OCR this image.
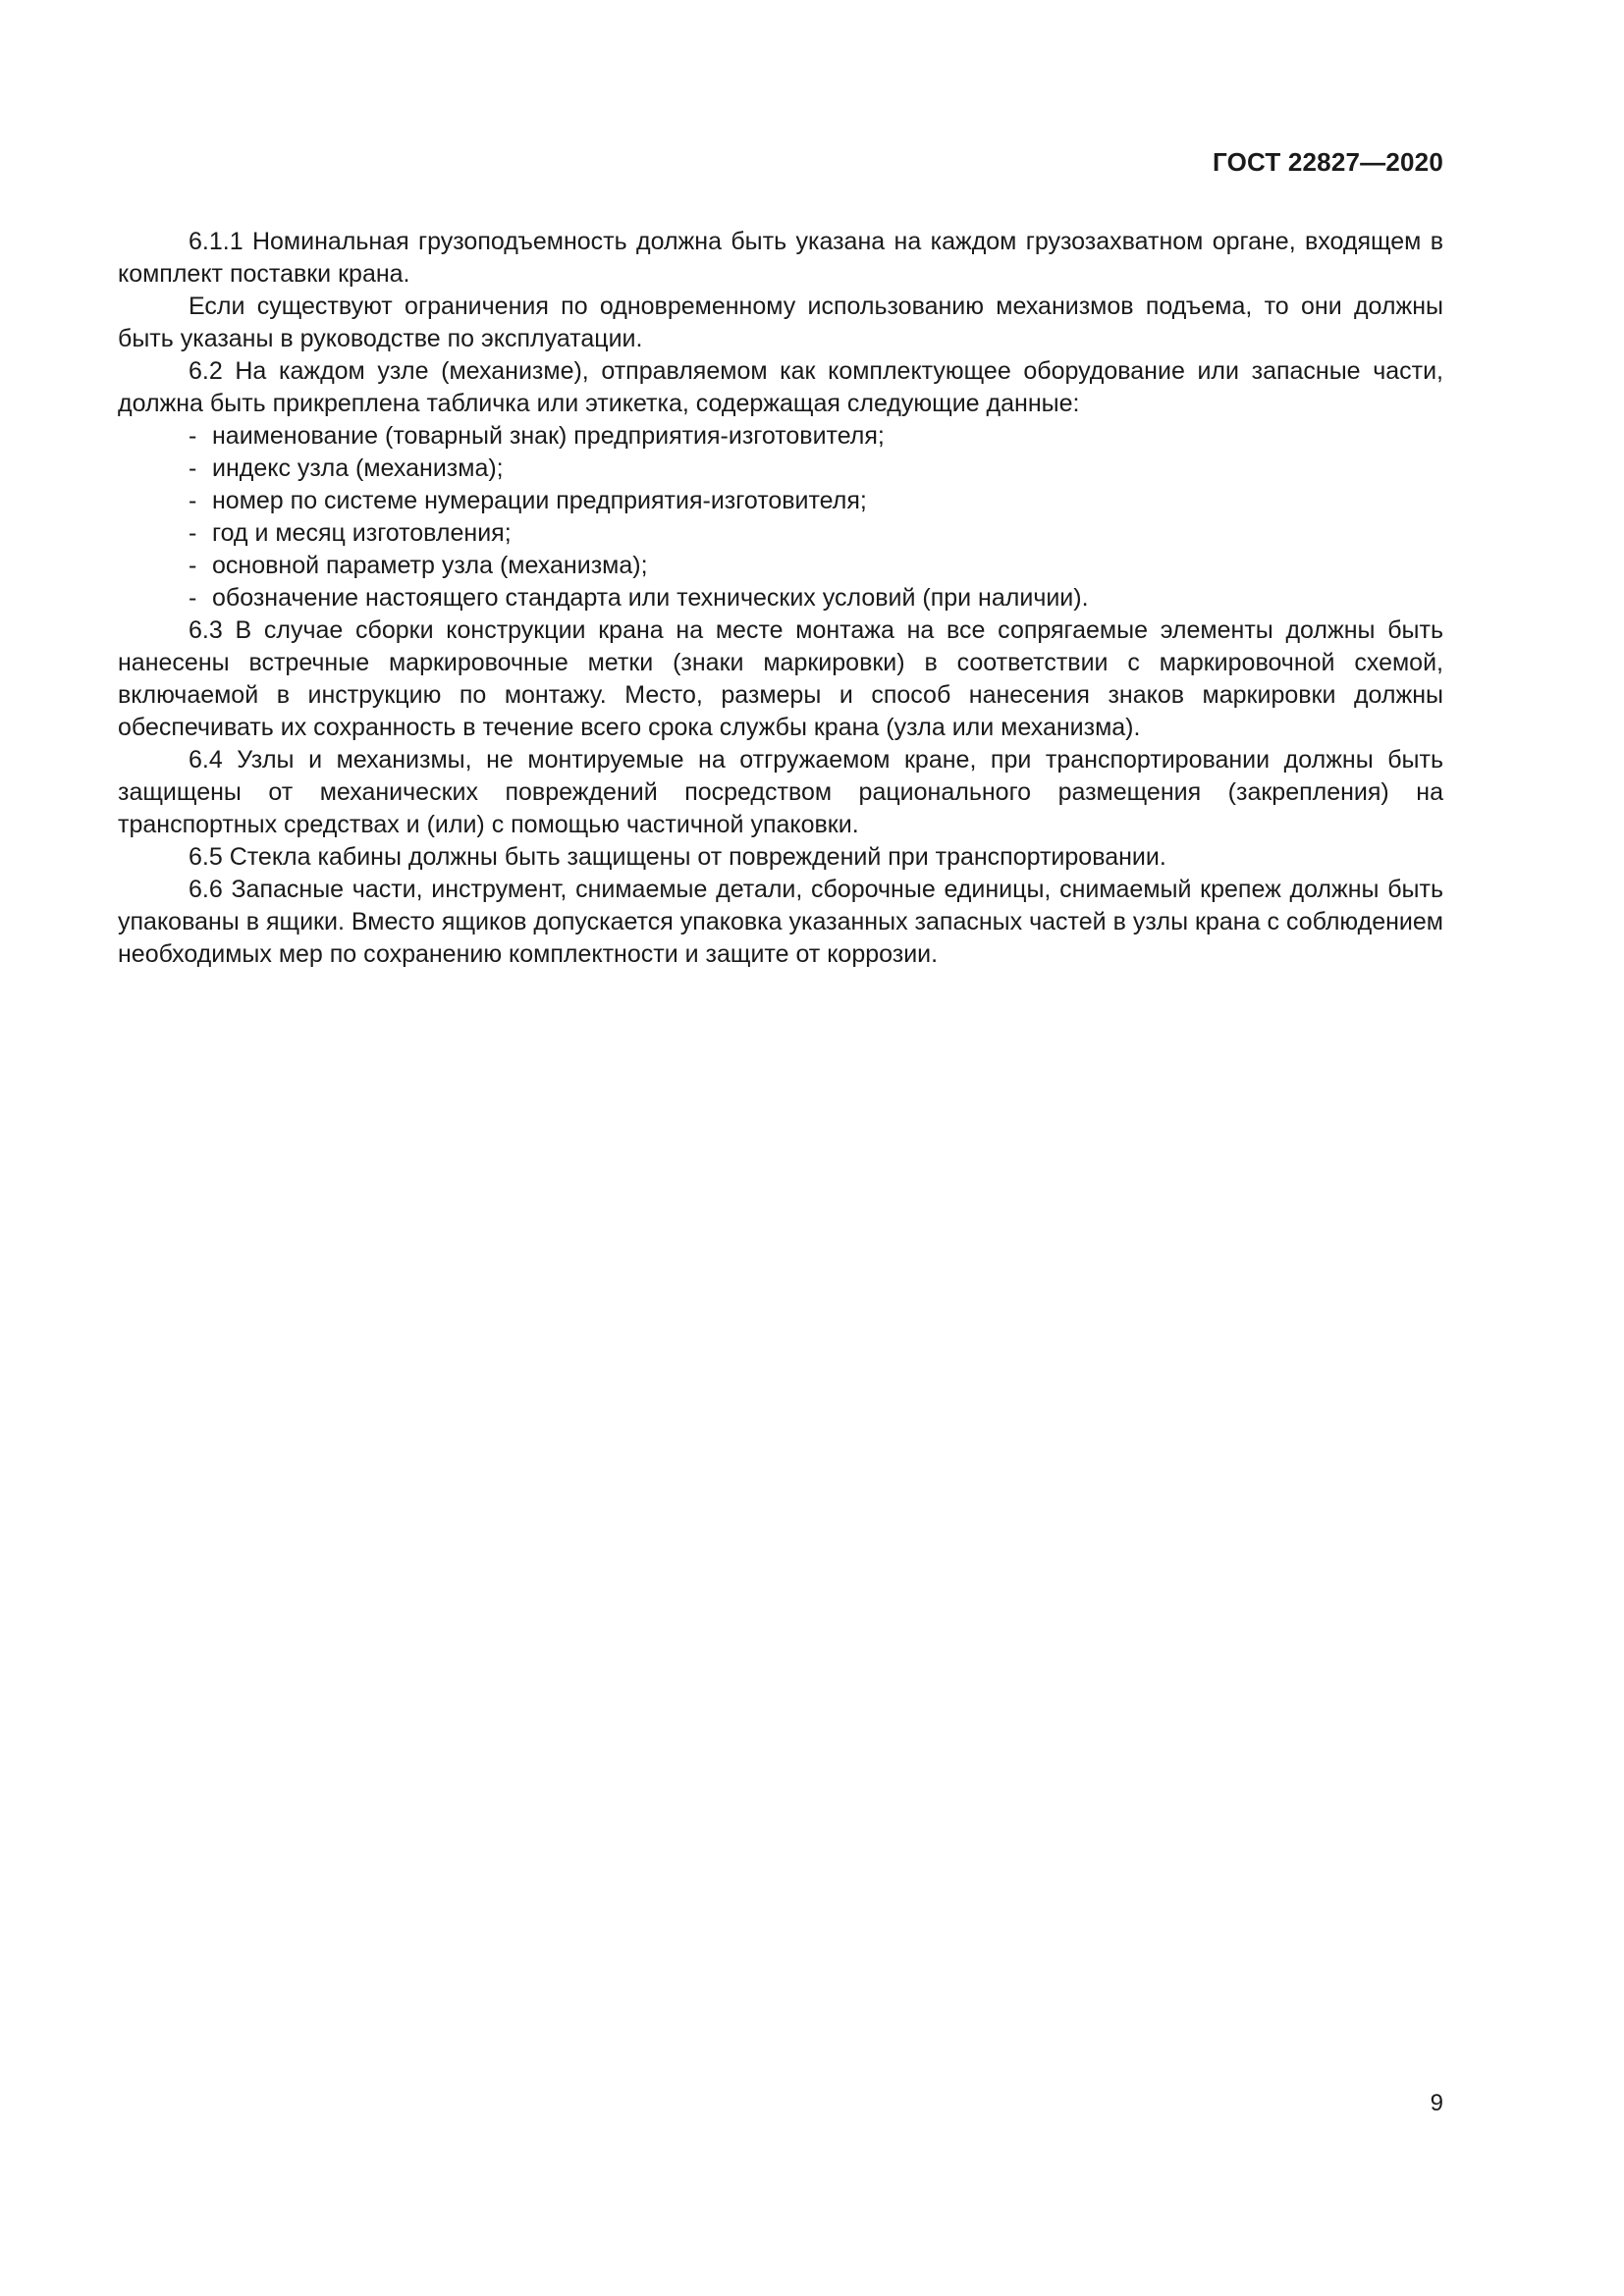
ГОСТ 22827—2020

6.1.1 Номинальная грузоподъемность должна быть указана на каждом грузозахватном органе, входящем в комплект поставки крана.

Если существуют ограничения по одновременному использованию механизмов подъема, то они должны быть указаны в руководстве по эксплуатации.

6.2 На каждом узле (механизме), отправляемом как комплектующее оборудование или запасные части, должна быть прикреплена табличка или этикетка, содержащая следующие данные:

- наименование (товарный знак) предприятия-изготовителя;
- индекс узла (механизма);
- номер по системе нумерации предприятия-изготовителя;
- год и месяц изготовления;
- основной параметр узла (механизма);
- обозначение настоящего стандарта или технических условий (при наличии).

6.3 В случае сборки конструкции крана на месте монтажа на все сопрягаемые элементы должны быть нанесены встречные маркировочные метки (знаки маркировки) в соответствии с маркировочной схемой, включаемой в инструкцию по монтажу. Место, размеры и способ нанесения знаков маркировки должны обеспечивать их сохранность в течение всего срока службы крана (узла или механизма).

6.4 Узлы и механизмы, не монтируемые на отгружаемом кране, при транспортировании должны быть защищены от механических повреждений посредством рационального размещения (закрепления) на транспортных средствах и (или) с помощью частичной упаковки.

6.5 Стекла кабины должны быть защищены от повреждений при транспортировании.

6.6 Запасные части, инструмент, снимаемые детали, сборочные единицы, снимаемый крепеж должны быть упакованы в ящики. Вместо ящиков допускается упаковка указанных запасных частей в узлы крана с соблюдением необходимых мер по сохранению комплектности и защите от коррозии.

9
